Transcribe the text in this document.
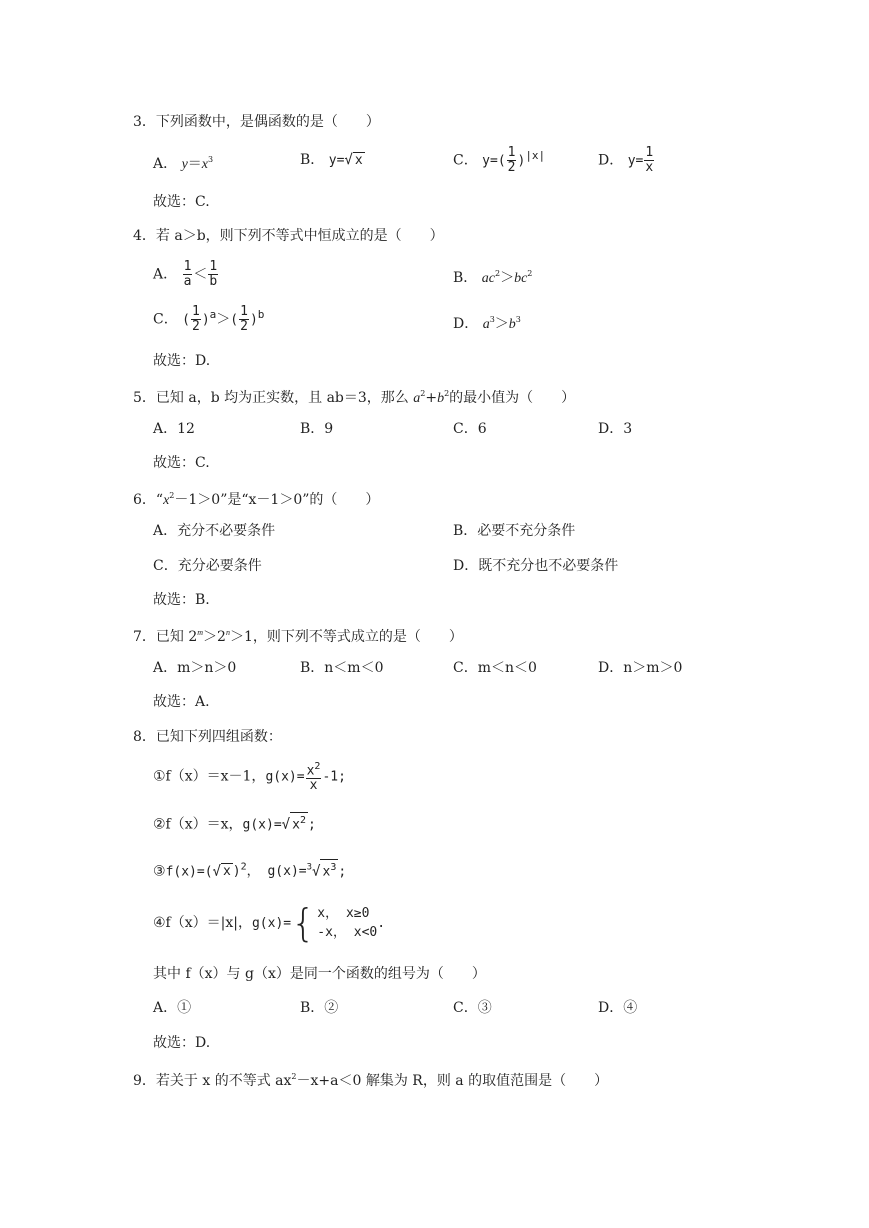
3．下列函数中，是偶函数的是（　　）
A． $y=x^3$	B． y=√ x	C． $y=( \frac{1}{2} )^{|x|}$	D． $y= \frac{1}{x}$
故选：C.
4．若 a＞b，则下列不等式中恒成立的是（　　）
A． $\frac{1}{a} < \frac{1}{b}$	B． $ac^2>bc^2$
C． ( $\frac{1}{2} )^a>( \frac{1}{2} )^b$
D． $a^3>b^3$
故选：D.
5．已知 a，b 均为正实数，且 ab＝3，那么 $a^2+b^2$的最小值为（　　）
A．12	B．9	C．6	D．3
故选：C.
6．“$x^2-1>0$”是“x－1＞0”的（　　）
A．充分不必要条件	B．必要不充分条件
C．充分必要条件	D．既不充分也不必要条件
故选：B.
7．已知 $2^m>2^n>1$，则下列不等式成立的是（　　）
A．m＞n＞0	B．n＜m＜0	C．m＜n＜0	D．n＞m＞0
故选：A.
8．已知下列四组函数：
①f（x）＝x－1，$g(x)= \frac{x^2}{x} -1$;
②f（x）＝x，g(x)=√ $x^2$ ;
③f(x)=(√ x )$^2$， g(x)=$^3$√ $x^3$ ;
④f（x）＝|x|，g(x)= { x， x≥0
-x， x<0
.
其中 f（x）与 g（x）是同一个函数的组号为（　　）
A．①	B．②	C．③	D．④
故选：D.
9．若关于 x 的不等式 $ax^2-x+a<0$ 解集为 R，则 a 的取值范围是（　　）
